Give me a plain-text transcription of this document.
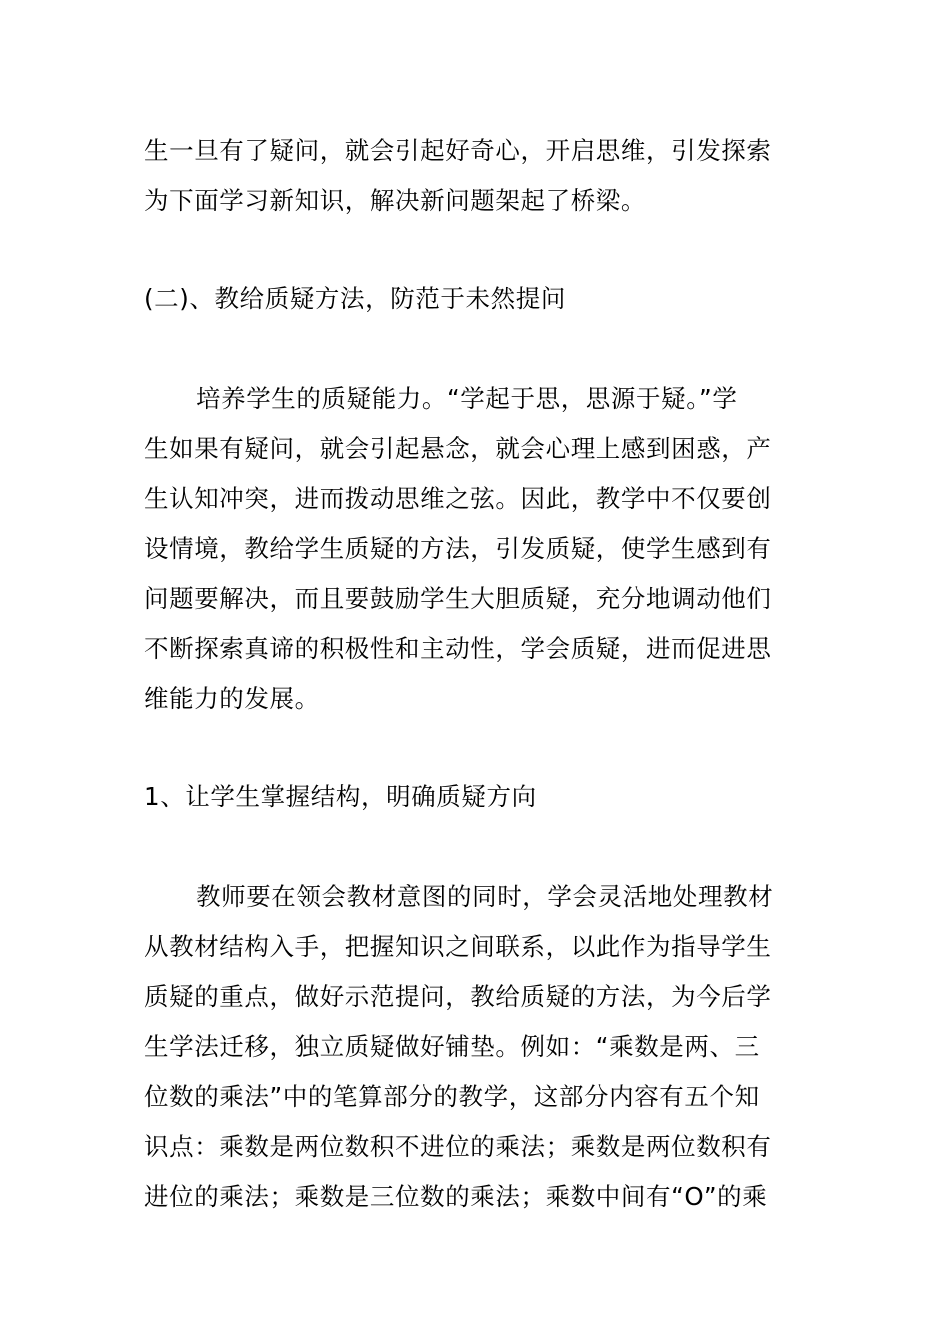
生一旦有了疑问，就会引起好奇心，开启思维，引发探索
为下面学习新知识，解决新问题架起了桥梁。
(二)、教给质疑方法，防范于未然提问
培养学生的质疑能力。“学起于思，思源于疑。”学
生如果有疑问，就会引起悬念，就会心理上感到困惑，产
生认知冲突，进而拨动思维之弦。因此，教学中不仅要创
设情境，教给学生质疑的方法，引发质疑，使学生感到有
问题要解决，而且要鼓励学生大胆质疑，充分地调动他们
不断探索真谛的积极性和主动性，学会质疑，进而促进思
维能力的发展。
1、让学生掌握结构，明确质疑方向
教师要在领会教材意图的同时，学会灵活地处理教材
从教材结构入手，把握知识之间联系，以此作为指导学生
质疑的重点，做好示范提问，教给质疑的方法，为今后学
生学法迁移，独立质疑做好铺垫。例如：“乘数是两、三
位数的乘法”中的笔算部分的教学，这部分内容有五个知
识点：乘数是两位数积不进位的乘法；乘数是两位数积有
进位的乘法；乘数是三位数的乘法；乘数中间有“O”的乘
